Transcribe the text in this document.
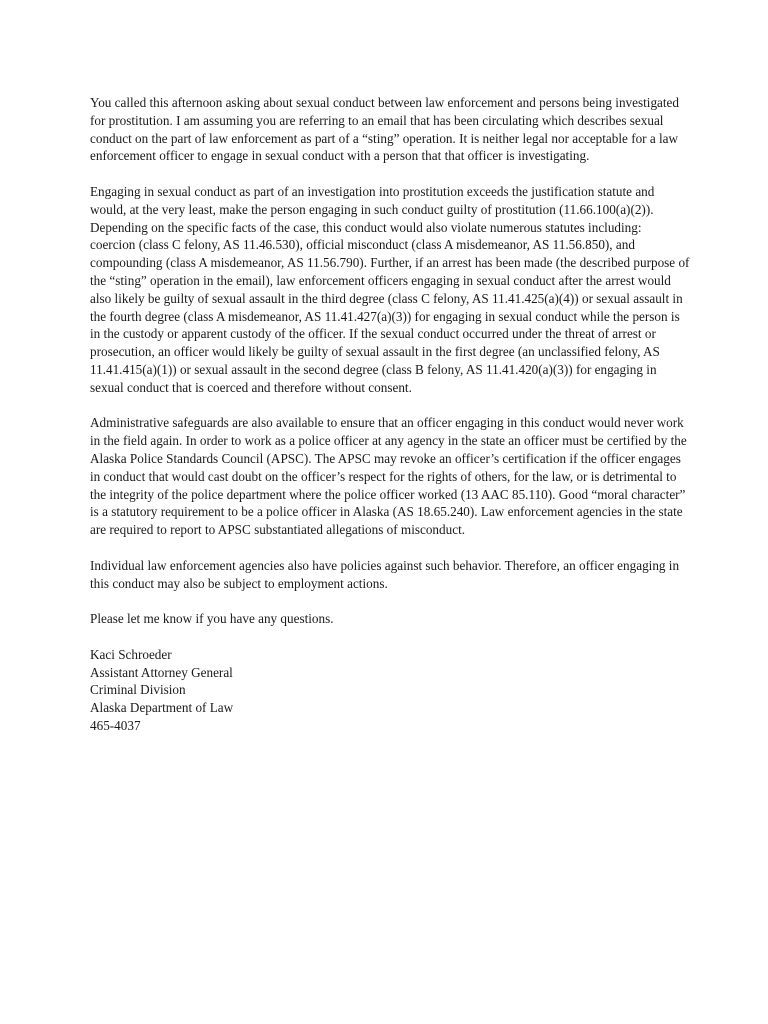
You called this afternoon asking about sexual conduct between law enforcement and persons being investigated for prostitution. I am assuming you are referring to an email that has been circulating which describes sexual conduct on the part of law enforcement as part of a “sting” operation. It is neither legal nor acceptable for a law enforcement officer to engage in sexual conduct with a person that that officer is investigating.

Engaging in sexual conduct as part of an investigation into prostitution exceeds the justification statute and would, at the very least, make the person engaging in such conduct guilty of prostitution (11.66.100(a)(2)). Depending on the specific facts of the case, this conduct would also violate numerous statutes including: coercion (class C felony, AS 11.46.530), official misconduct (class A misdemeanor, AS 11.56.850), and compounding (class A misdemeanor, AS 11.56.790). Further, if an arrest has been made (the described purpose of the “sting” operation in the email), law enforcement officers engaging in sexual conduct after the arrest would also likely be guilty of sexual assault in the third degree (class C felony, AS 11.41.425(a)(4)) or sexual assault in the fourth degree (class A misdemeanor, AS 11.41.427(a)(3)) for engaging in sexual conduct while the person is in the custody or apparent custody of the officer. If the sexual conduct occurred under the threat of arrest or prosecution, an officer would likely be guilty of sexual assault in the first degree (an unclassified felony, AS 11.41.415(a)(1)) or sexual assault in the second degree (class B felony, AS 11.41.420(a)(3)) for engaging in sexual conduct that is coerced and therefore without consent.

Administrative safeguards are also available to ensure that an officer engaging in this conduct would never work in the field again. In order to work as a police officer at any agency in the state an officer must be certified by the Alaska Police Standards Council (APSC). The APSC may revoke an officer’s certification if the officer engages in conduct that would cast doubt on the officer’s respect for the rights of others, for the law, or is detrimental to the integrity of the police department where the police officer worked (13 AAC 85.110). Good “moral character” is a statutory requirement to be a police officer in Alaska (AS 18.65.240). Law enforcement agencies in the state are required to report to APSC substantiated allegations of misconduct.

Individual law enforcement agencies also have policies against such behavior. Therefore, an officer engaging in this conduct may also be subject to employment actions.

Please let me know if you have any questions.

Kaci Schroeder
Assistant Attorney General
Criminal Division
Alaska Department of Law
465-4037
